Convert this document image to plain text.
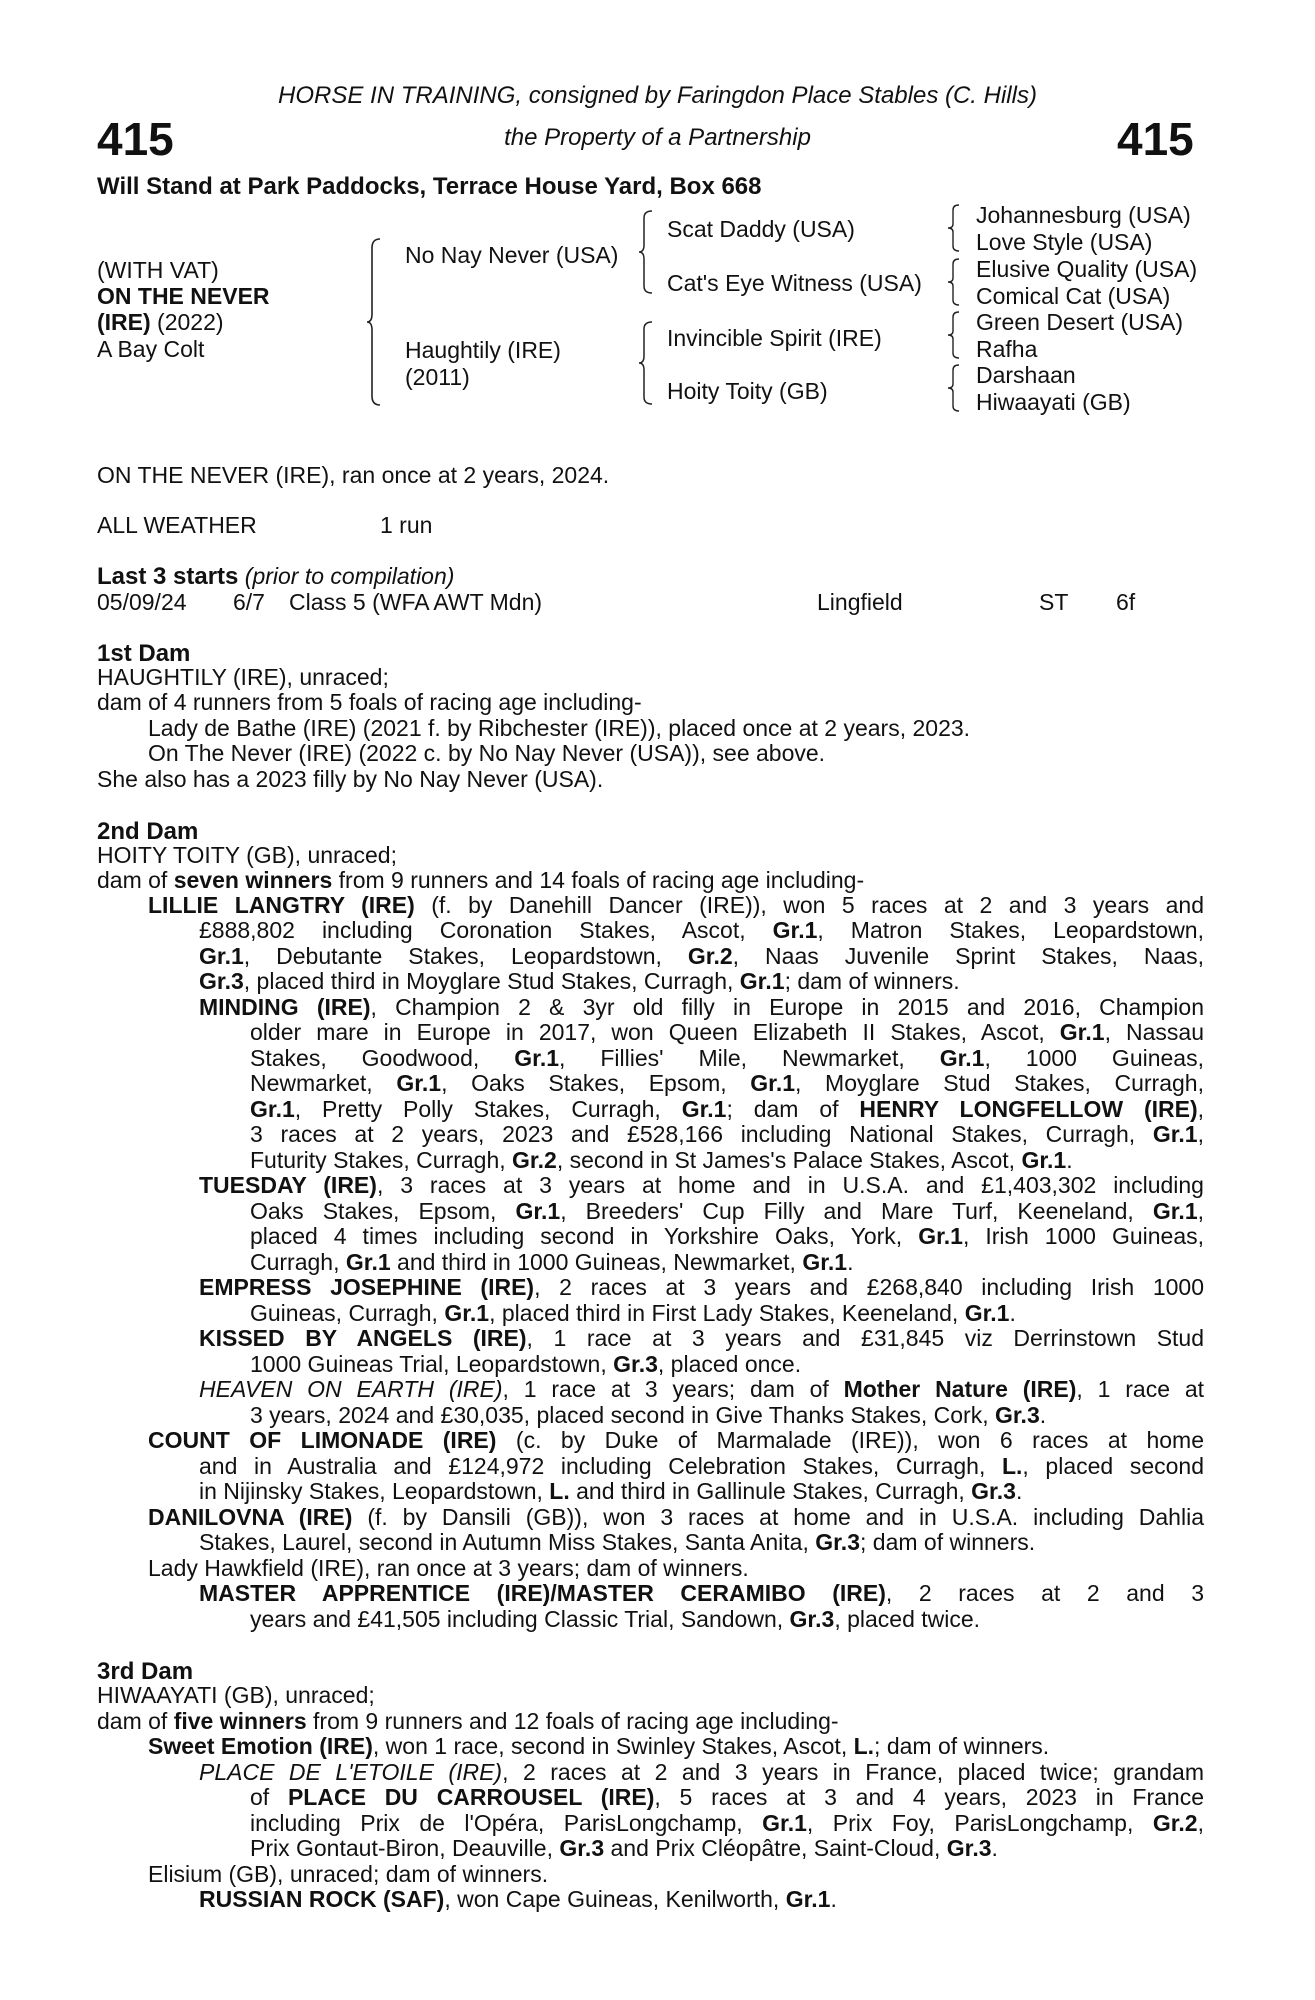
415	415
HORSE IN TRAINING, consigned by Faringdon Place Stables (C. Hills)
the Property of a Partnership
Will Stand at Park Paddocks, Terrace House Yard, Box 668
(WITH VAT)
ON THE NEVER
(IRE) (2022)
A Bay Colt
No Nay Never (USA)
Haughtily (IRE)
(2011)
Scat Daddy (USA)
Cat's Eye Witness (USA)
Invincible Spirit (IRE)
Hoity Toity (GB)
Johannesburg (USA)
Love Style (USA)
Elusive Quality (USA)
Comical Cat (USA)
Green Desert (USA)
Rafha
Darshaan
Hiwaayati (GB)
ON THE NEVER (IRE), ran once at 2 years, 2024.
ALL WEATHER	1 run
Last 3 starts (prior to compilation)
05/09/24 6/7 Class 5 (WFA AWT Mdn)	Lingfield	ST 6f
1st Dam
HAUGHTILY (IRE), unraced;
dam of 4 runners from 5 foals of racing age including-
Lady de Bathe (IRE) (2021 f. by Ribchester (IRE)), placed once at 2 years, 2023.
On The Never (IRE) (2022 c. by No Nay Never (USA)), see above.
She also has a 2023 filly by No Nay Never (USA).
2nd Dam
HOITY TOITY (GB), unraced;
dam of seven winners from 9 runners and 14 foals of racing age including-
LILLIE LANGTRY (IRE) (f. by Danehill Dancer (IRE)), won 5 races at 2 and 3 years and
£888,802 including Coronation Stakes, Ascot, Gr.1, Matron Stakes, Leopardstown,
Gr.1, Debutante Stakes, Leopardstown, Gr.2, Naas Juvenile Sprint Stakes, Naas,
Gr.3, placed third in Moyglare Stud Stakes, Curragh, Gr.1; dam of winners.
MINDING (IRE), Champion 2 & 3yr old filly in Europe in 2015 and 2016, Champion
older mare in Europe in 2017, won Queen Elizabeth II Stakes, Ascot, Gr.1, Nassau
Stakes, Goodwood, Gr.1, Fillies' Mile, Newmarket, Gr.1, 1000 Guineas,
Newmarket, Gr.1, Oaks Stakes, Epsom, Gr.1, Moyglare Stud Stakes, Curragh,
Gr.1, Pretty Polly Stakes, Curragh, Gr.1; dam of HENRY LONGFELLOW (IRE),
3 races at 2 years, 2023 and £528,166 including National Stakes, Curragh, Gr.1,
Futurity Stakes, Curragh, Gr.2, second in St James's Palace Stakes, Ascot, Gr.1.
TUESDAY (IRE), 3 races at 3 years at home and in U.S.A. and £1,403,302 including
Oaks Stakes, Epsom, Gr.1, Breeders' Cup Filly and Mare Turf, Keeneland, Gr.1,
placed 4 times including second in Yorkshire Oaks, York, Gr.1, Irish 1000 Guineas,
Curragh, Gr.1 and third in 1000 Guineas, Newmarket, Gr.1.
EMPRESS JOSEPHINE (IRE), 2 races at 3 years and £268,840 including Irish 1000
Guineas, Curragh, Gr.1, placed third in First Lady Stakes, Keeneland, Gr.1.
KISSED BY ANGELS (IRE), 1 race at 3 years and £31,845 viz Derrinstown Stud
1000 Guineas Trial, Leopardstown, Gr.3, placed once.
HEAVEN ON EARTH (IRE), 1 race at 3 years; dam of Mother Nature (IRE), 1 race at
3 years, 2024 and £30,035, placed second in Give Thanks Stakes, Cork, Gr.3.
COUNT OF LIMONADE (IRE) (c. by Duke of Marmalade (IRE)), won 6 races at home
and in Australia and £124,972 including Celebration Stakes, Curragh, L., placed second
in Nijinsky Stakes, Leopardstown, L. and third in Gallinule Stakes, Curragh, Gr.3.
DANILOVNA (IRE) (f. by Dansili (GB)), won 3 races at home and in U.S.A. including Dahlia
Stakes, Laurel, second in Autumn Miss Stakes, Santa Anita, Gr.3; dam of winners.
Lady Hawkfield (IRE), ran once at 3 years; dam of winners.
MASTER APPRENTICE (IRE)/MASTER CERAMIBO (IRE), 2 races at 2 and 3
years and £41,505 including Classic Trial, Sandown, Gr.3, placed twice.
3rd Dam
HIWAAYATI (GB), unraced;
dam of five winners from 9 runners and 12 foals of racing age including-
Sweet Emotion (IRE), won 1 race, second in Swinley Stakes, Ascot, L.; dam of winners.
PLACE DE L'ETOILE (IRE), 2 races at 2 and 3 years in France, placed twice; grandam
of PLACE DU CARROUSEL (IRE), 5 races at 3 and 4 years, 2023 in France
including Prix de l'Opéra, ParisLongchamp, Gr.1, Prix Foy, ParisLongchamp, Gr.2,
Prix Gontaut-Biron, Deauville, Gr.3 and Prix Cléopâtre, Saint-Cloud, Gr.3.
Elisium (GB), unraced; dam of winners.
RUSSIAN ROCK (SAF), won Cape Guineas, Kenilworth, Gr.1.
